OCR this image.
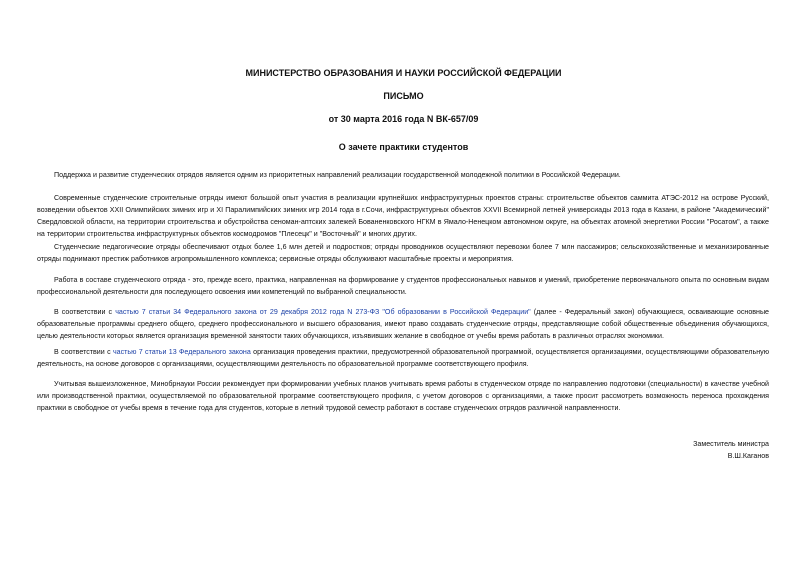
МИНИСТЕРСТВО ОБРАЗОВАНИЯ И НАУКИ РОССИЙСКОЙ ФЕДЕРАЦИИ
ПИСЬМО
от 30 марта 2016 года N ВК-657/09
О зачете практики студентов
Поддержка и развитие студенческих отрядов является одним из приоритетных направлений реализации государственной молодежной политики в Российской Федерации.
Современные студенческие строительные отряды имеют большой опыт участия в реализации крупнейших инфраструктурных проектов страны: строительстве объектов саммита АТЭС-2012 на острове Русский, возведении объектов XXII Олимпийских зимних игр и XI Паралимпийских зимних игр 2014 года в г.Сочи, инфраструктурных объектов XXVII Всемирной летней универсиады 2013 года в Казани, в районе "Академический" Свердловской области, на территории строительства и обустройства сеноман-аптских залежей Бованенковского НГКМ в Ямало-Ненецком автономном округе, на объектах атомной энергетики России "Росатом", а также на территории строительства инфраструктурных объектов космодромов "Плесецк" и "Восточный" и многих других.
Студенческие педагогические отряды обеспечивают отдых более 1,6 млн детей и подростков; отряды проводников осуществляют перевозки более 7 млн пассажиров; сельскохозяйственные и механизированные отряды поднимают престиж работников агропромышленного комплекса; сервисные отряды обслуживают масштабные проекты и мероприятия.
Работа в составе студенческого отряда - это, прежде всего, практика, направленная на формирование у студентов профессиональных навыков и умений, приобретение первоначального опыта по основным видам профессиональной деятельности для последующего освоения ими компетенций по выбранной специальности.
В соответствии с частью 7 статьи 34 Федерального закона от 29 декабря 2012 года N 273-ФЗ "Об образовании в Российской Федерации" (далее - Федеральный закон) обучающиеся, осваивающие основные образовательные программы среднего общего, среднего профессионального и высшего образования, имеют право создавать студенческие отряды, представляющие собой общественные объединения обучающихся, целью деятельности которых является организация временной занятости таких обучающихся, изъявивших желание в свободное от учебы время работать в различных отраслях экономики.
В соответствии с частью 7 статьи 13 Федерального закона организация проведения практики, предусмотренной образовательной программой, осуществляется организациями, осуществляющими образовательную деятельность, на основе договоров с организациями, осуществляющими деятельность по образовательной программе соответствующего профиля.
Учитывая вышеизложенное, Минобрнауки России рекомендует при формировании учебных планов учитывать время работы в студенческом отряде по направлению подготовки (специальности) в качестве учебной или производственной практики, осуществляемой по образовательной программе соответствующего профиля, с учетом договоров с организациями, а также просит рассмотреть возможность переноса прохождения практики в свободное от учебы время в течение года для студентов, которые в летний трудовой семестр работают в составе студенческих отрядов различной направленности.
Заместитель министра
В.Ш.Каганов
